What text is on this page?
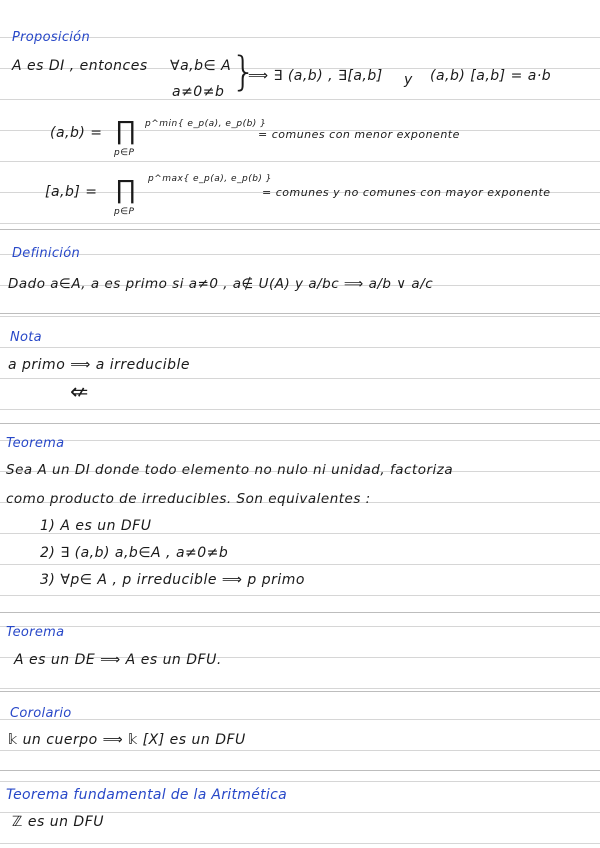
Proposición
A es DI , entonces ∀a,b∈ A
a≠0≠b }
⟹ ∃ (a,b) , ∃[a,b] y (a,b) [a,b] = a·b
(a,b) = ∏
p∈P
p^min{ e_p(a), e_p(b) }
= comunes con menor exponente
[a,b] = ∏
p∈P
p^max{ e_p(a), e_p(b) }
= comunes y no comunes con mayor exponente
Definición
Dado a∈A, a es primo si a≠0 , a∉ U(A) y a/bc ⟹ a/b ∨ a/c
Nota
a primo ⟹ a irreducible
⇍
Teorema
Sea A un DI donde todo elemento no nulo ni unidad, factoriza
como producto de irreducibles. Son equivalentes :
1) A es un DFU
2) ∃ (a,b) a,b∈A , a≠0≠b
3) ∀p∈ A , p irreducible ⟹ p primo
Teorema
A es un DE ⟹ A es un DFU.
Corolario
𝕜 un cuerpo ⟹ 𝕜 [X] es un DFU
Teorema fundamental de la Aritmética
ℤ es un DFU
